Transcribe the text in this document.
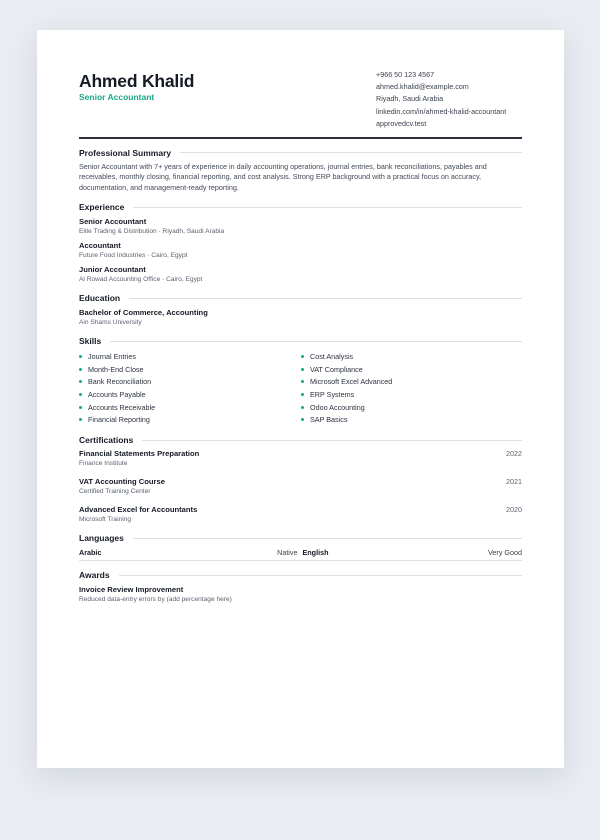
Ahmed Khalid
Senior Accountant
+966 50 123 4567
ahmed.khalid@example.com
Riyadh, Saudi Arabia
linkedin.com/in/ahmed-khalid-accountant
approvedcv.test
Professional Summary
Senior Accountant with 7+ years of experience in daily accounting operations, journal entries, bank reconciliations, payables and receivables, monthly closing, financial reporting, and cost analysis. Strong ERP background with a practical focus on accuracy, documentation, and management-ready reporting.
Experience
Senior Accountant
Elite Trading & Distribution · Riyadh, Saudi Arabia
Accountant
Future Food Industries · Cairo, Egypt
Junior Accountant
Al Rowad Accounting Office · Cairo, Egypt
Education
Bachelor of Commerce, Accounting
Ain Shams University
Skills
Journal Entries
Month-End Close
Bank Reconciliation
Accounts Payable
Accounts Receivable
Financial Reporting
Cost Analysis
VAT Compliance
Microsoft Excel Advanced
ERP Systems
Odoo Accounting
SAP Basics
Certifications
Financial Statements Preparation
Finance Institute
2022
VAT Accounting Course
Certified Training Center
2021
Advanced Excel for Accountants
Microsoft Training
2020
Languages
Arabic	Native English	Very Good
Awards
Invoice Review Improvement
Reduced data-entry errors by (add percentage here)
